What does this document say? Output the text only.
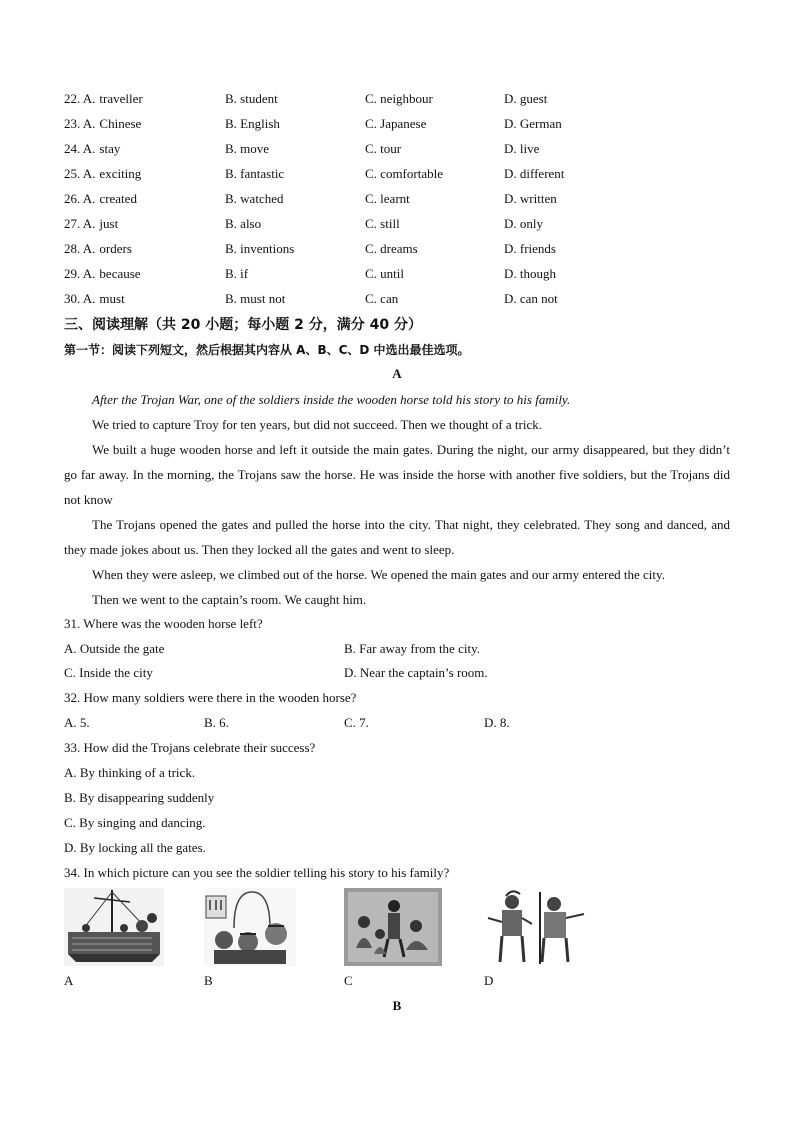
22. A. traveller	B. student	C. neighbour	D. guest
23. A. Chinese	B. English	C. Japanese	D. German
24. A. stay	B. move	C. tour	D. live
25. A. exciting	B. fantastic	C. comfortable	D. different
26. A. created	B. watched	C. learnt	D. written
27. A. just	B. also	C. still	D. only
28. A. orders	B. inventions	C. dreams	D. friends
29. A. because	B. if	C. until	D. though
30. A. must	B. must not	C. can	D. can not
三、阅读理解（共 20 小题；每小题 2 分，满分 40 分）
第一节：阅读下列短文，然后根据其内容从 A、B、C、D 中选出最佳选项。
A
After the Trojan War, one of the soldiers inside the wooden horse told his story to his family.
We tried to capture Troy for ten years, but did not succeed. Then we thought of a trick.
We built a huge wooden horse and left it outside the main gates. During the night, our army disappeared, but they didn’t go far away. In the morning, the Trojans saw the horse. He was inside the horse with another five soldiers, but the Trojans did not know
The Trojans opened the gates and pulled the horse into the city. That night, they celebrated. They song and danced, and they made jokes about us. Then they locked all the gates and went to sleep.
When they were asleep, we climbed out of the horse. We opened the main gates and our army entered the city.
Then we went to the captain’s room. We caught him.
31. Where was the wooden horse left?
A. Outside the gate	B. Far away from the city.
C. Inside the city	D. Near the captain’s room.
32. How many soldiers were there in the wooden horse?
A. 5.	B. 6.	C. 7.	D. 8.
33. How did the Trojans celebrate their success?
A. By thinking of a trick.
B. By disappearing suddenly
C. By singing and dancing.
D. By locking all the gates.
34. In which picture can you see the soldier telling his story to his family?
A	B	C	D
B
